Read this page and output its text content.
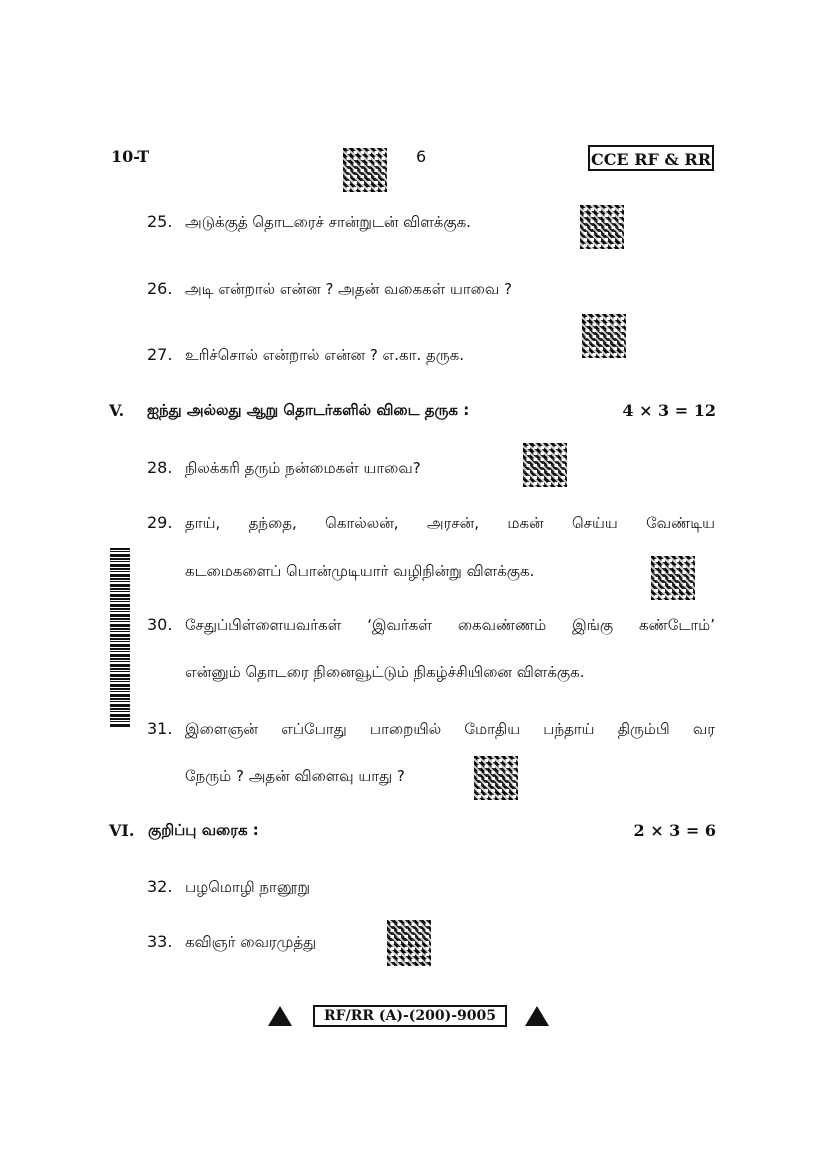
10-T	6	CCE RF & RR
25. அடுக்குத் தொடரைச் சான்றுடன் விளக்குக.
26. அடி என்றால் என்ன ? அதன் வகைகள் யாவை ?
27. உரிச்சொல் என்றால் என்ன ? எ.கா. தருக.
V. ஐந்து அல்லது ஆறு தொடர்களில் விடை தருக :	4 × 3 = 12
28. நிலக்கரி தரும் நன்மைகள் யாவை?
29. தாய், தந்தை, கொல்லன், அரசன், மகன் செய்ய வேண்டிய
கடமைகளைப் பொன்முடியார் வழிநின்று விளக்குக.
30. சேதுப்பிள்ளையவர்கள் ‘இவர்கள் கைவண்ணம் இங்கு கண்டோம்’
என்னும் தொடரை நினைவூட்டும் நிகழ்ச்சியினை விளக்குக.
31. இளைஞன் எப்போது பாறையில் மோதிய பந்தாய் திரும்பி வர
நேரும் ? அதன் விளைவு யாது ?
VI. குறிப்பு வரைக :	2 × 3 = 6
32. பழமொழி நானூறு
33. கவிஞர் வைரமுத்து
RF/RR (A)-(200)-9005
